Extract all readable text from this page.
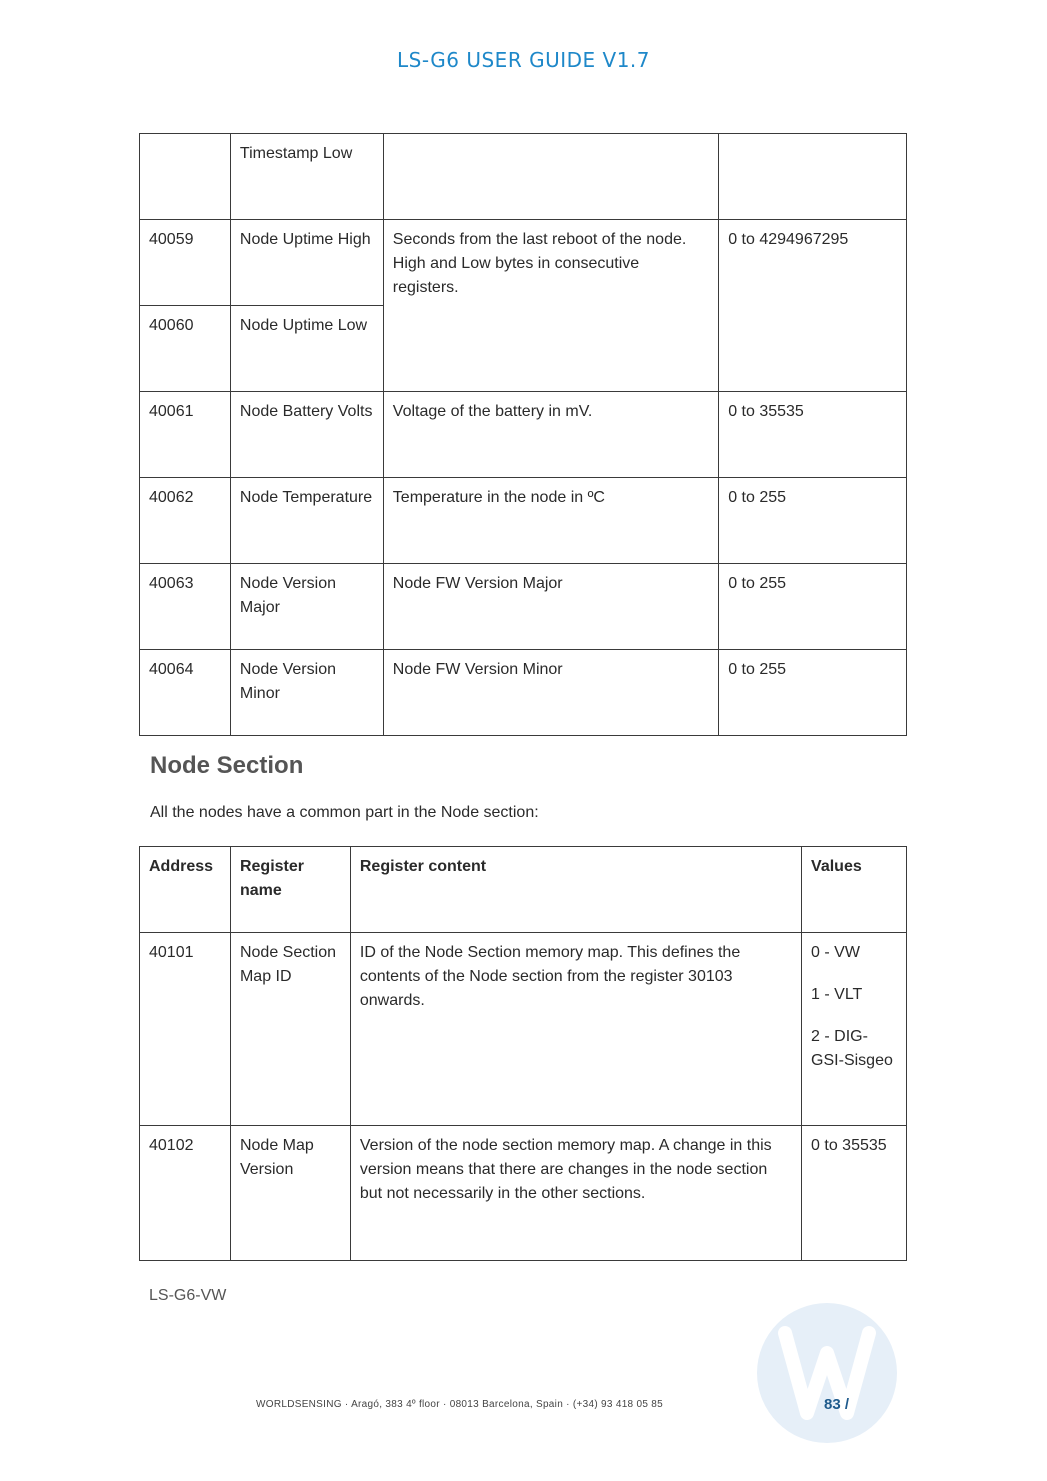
LS-G6 USER GUIDE V1.7
	Timestamp Low		
40059	Node Uptime High	Seconds from the last reboot of the node. High and Low bytes in consecutive registers.	0 to 4294967295
40060	Node Uptime Low		
40061	Node Battery Volts	Voltage of the battery in mV.	0 to 35535
40062	Node Temperature	Temperature in the node in ºC	0 to 255
40063	Node Version Major	Node FW Version Major	0 to 255
40064	Node Version Minor	Node FW Version Minor	0 to 255
Node Section
All the nodes have a common part in the Node section:
Address	Register name	Register content	Values
40101	Node Section Map ID	ID of the Node Section memory map. This defines the contents of the Node section from the register 30103 onwards.	0 - VW
1 - VLT
2 - DIG-GSI-Sisgeo

40102	Node Map Version	Version of the node section memory map. A change in this version means that there are changes in the node section but not necessarily in the other sections.	0 to 35535
LS-G6-VW
WORLDSENSING · Aragó, 383 4º floor · 08013 Barcelona, Spain · (+34) 93 418 05 85	83 /
